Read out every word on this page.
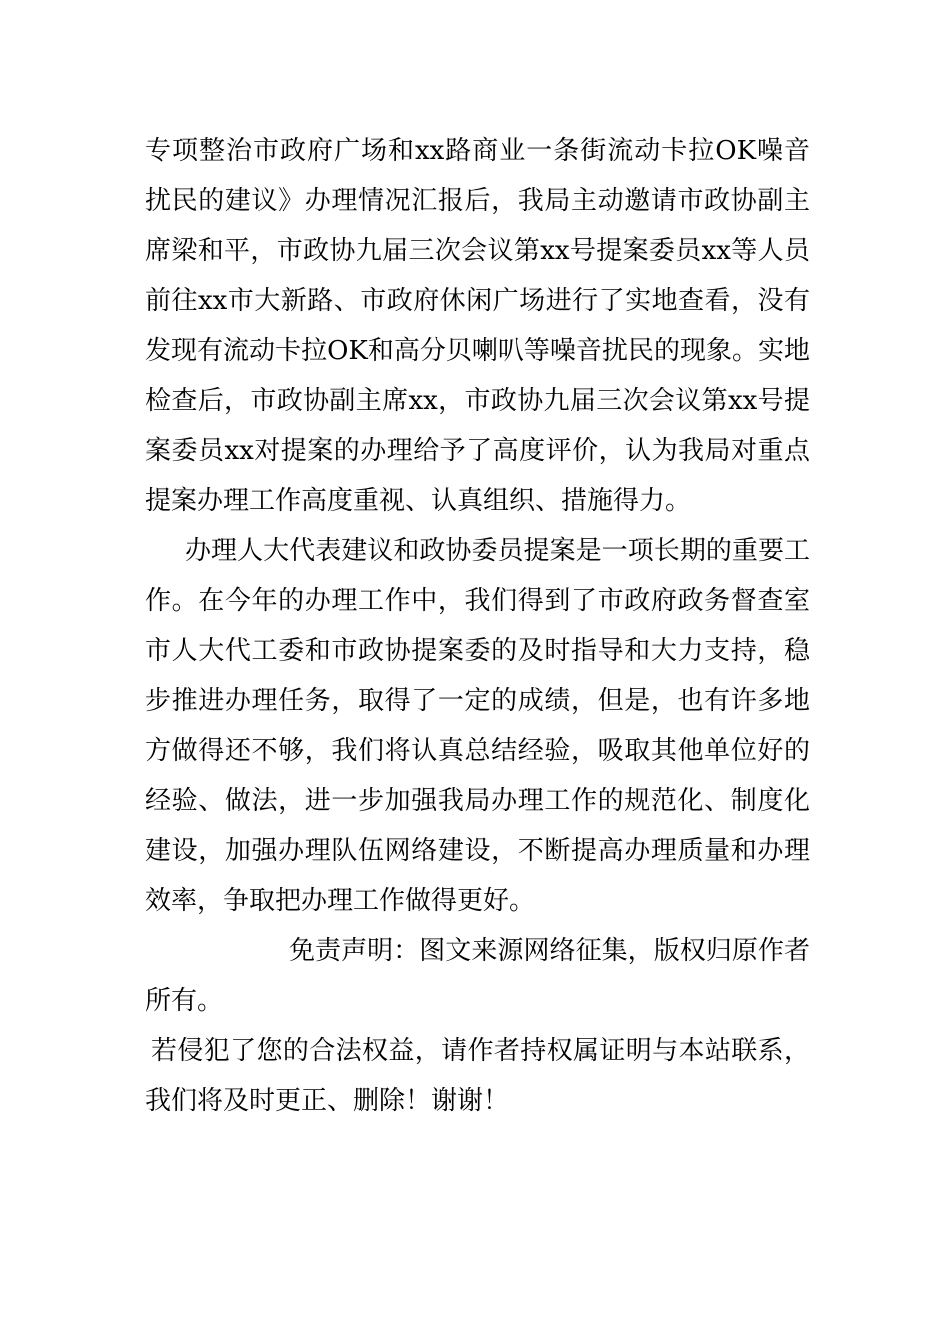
专项整治市政府广场和xx路商业一条街流动卡拉OK噪音扰民的建议》办理情况汇报后，我局主动邀请市政协副主席梁和平，市政协九届三次会议第xx号提案委员xx等人员前往xx市大新路、市政府休闲广场进行了实地查看，没有发现有流动卡拉OK和高分贝喇叭等噪音扰民的现象。实地检查后，市政协副主席xx，市政协九届三次会议第xx号提案委员xx对提案的办理给予了高度评价，认为我局对重点提案办理工作高度重视、认真组织、措施得力。

办理人大代表建议和政协委员提案是一项长期的重要工作。在今年的办理工作中，我们得到了市政府政务督查室市人大代工委和市政协提案委的及时指导和大力支持，稳步推进办理任务，取得了一定的成绩，但是，也有许多地方做得还不够，我们将认真总结经验，吸取其他单位好的经验、做法，进一步加强我局办理工作的规范化、制度化建设，加强办理队伍网络建设，不断提高办理质量和办理效率，争取把办理工作做得更好。

免责声明：图文来源网络征集，版权归原作者所有。

若侵犯了您的合法权益，请作者持权属证明与本站联系，我们将及时更正、删除！谢谢！
